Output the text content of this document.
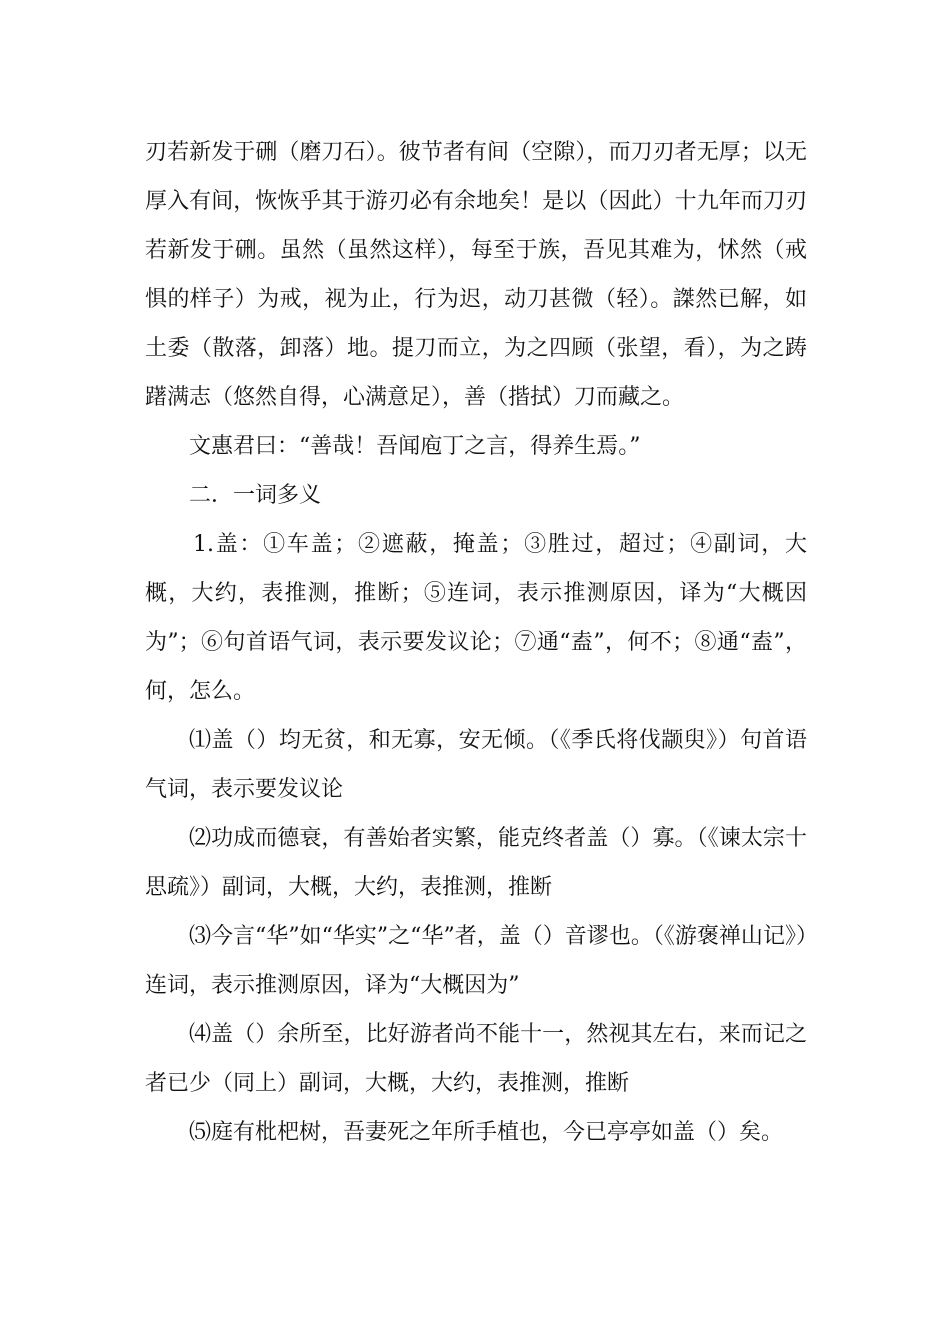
刃若新发于硎（磨刀石）。彼节者有间（空隙），而刀刃者无厚；以无厚入有间，恢恢乎其于游刃必有余地矣！是以（因此）十九年而刀刃若新发于硎。虽然（虽然这样），每至于族，吾见其难为，怵然（戒惧的样子）为戒，视为止，行为迟，动刀甚微（轻）。謋然已解，如土委（散落，卸落）地。提刀而立，为之四顾（张望，看），为之踌躇满志（悠然自得，心满意足），善（揩拭）刀而藏之。

文惠君曰：“善哉！吾闻庖丁之言，得养生焉。”

二．一词多义

1.盖：①车盖；②遮蔽，掩盖；③胜过，超过；④副词，大概，大约，表推测，推断；⑤连词，表示推测原因，译为“大概因为”；⑥句首语气词，表示要发议论；⑦通“盍”，何不；⑧通“盍”，何，怎么。

⑴盖（）均无贫，和无寡，安无倾。（《季氏将伐颛臾》）句首语气词，表示要发议论

⑵功成而德衰，有善始者实繁，能克终者盖（）寡。（《谏太宗十思疏》）副词，大概，大约，表推测，推断

⑶今言“华”如“华实”之“华”者，盖（）音谬也。（《游褒禅山记》）连词，表示推测原因，译为“大概因为”

⑷盖（）余所至，比好游者尚不能十一，然视其左右，来而记之者已少（同上）副词，大概，大约，表推测，推断

⑸庭有枇杷树，吾妻死之年所手植也，今已亭亭如盖（）矣。
